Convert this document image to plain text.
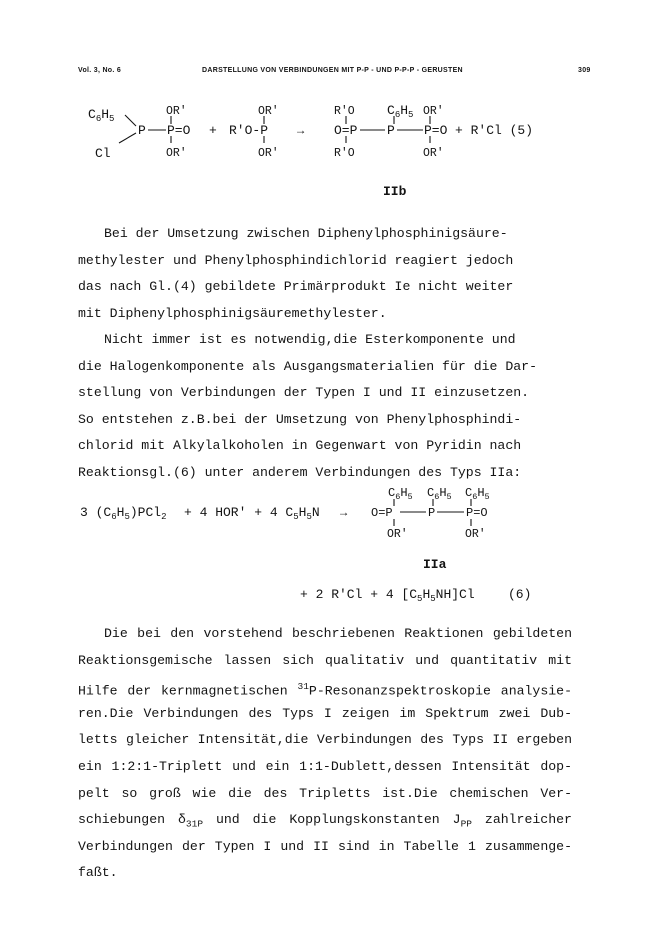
Vol. 3, No. 6	DARSTELLUNG VON VERBINDUNGEN MIT P-P - UND P-P-P - GERUSTEN	309
$C_6H_5$
Cl
P P=O
OR'
OR'
+
OR'
R'O-P
OR'
→
R'O
O=P
R'O
$C_6H_5$
P
OR'
P=O
OR'
+ R'Cl (5)
IIb
Bei der Umsetzung zwischen Diphenylphosphinigsäure-
methylester und Phenylphosphindichlorid reagiert jedoch
das nach Gl.(4) gebildete Primärprodukt Ie nicht weiter
mit Diphenylphosphinigsäuremethylester.
Nicht immer ist es notwendig,die Esterkomponente und
die Halogenkomponente als Ausgangsmaterialien für die Dar-
stellung von Verbindungen der Typen I und II einzusetzen.
So entstehen z.B.bei der Umsetzung von Phenylphosphindi-
chlorid mit Alkylalkoholen in Gegenwart von Pyridin nach
Reaktionsgl.(6) unter anderem Verbindungen des Typs IIa:
3 $(C_6H_5)PCl_2 + 4$ HOR' + 4 $C_5H_5N$ →
$C_6H_5$ $C_6H_5$ $C_6H_5$
O=P	P	P=O
OR'	OR'
IIa
+ 2 R'Cl + 4 $[C_5H_5NH]Cl$	(6)
Die bei den vorstehend beschriebenen Reaktionen gebildeten
Reaktionsgemische lassen sich qualitativ und quantitativ mit
Hilfe der kernmagnetischen $^{31}$P-Resonanzspektroskopie analysie-
ren.Die Verbindungen des Typs I zeigen im Spektrum zwei Dub-
letts gleicher Intensität,die Verbindungen des Typs II ergeben
ein 1:2:1-Triplett und ein 1:1-Dublett,dessen Intensität dop-
pelt so groß wie die des Tripletts ist.Die chemischen Ver-
schiebungen $\delta_{31P}$ und die Kopplungskonstanten $J_{PP}$ zahlreicher
Verbindungen der Typen I und II sind in Tabelle 1 zusammenge-
faßt.
